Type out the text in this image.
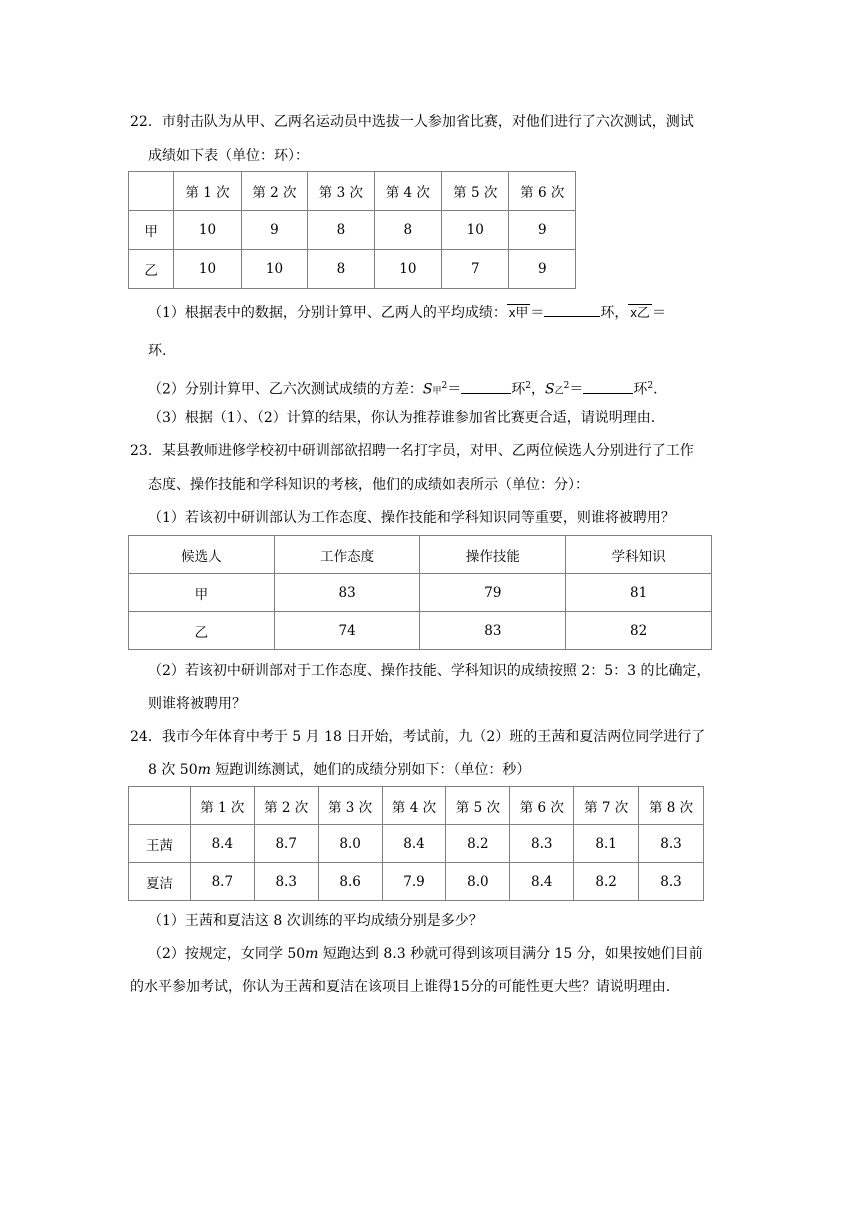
22．市射击队为从甲、乙两名运动员中选拔一人参加省比赛，对他们进行了六次测试，测试
成绩如下表（单位：环）：
	第 1 次	第 2 次	第 3 次	第 4 次	第 5 次	第 6 次
甲	10	9	8	8	10	9
乙	10	10	8	10	7	9
（1）根据表中的数据，分别计算甲、乙两人的平均成绩： x甲 ＝	环， x乙 ＝
环.
（2）分别计算甲、乙六次测试成绩的方差：S甲$^2$＝	环$^2$，S乙$^2$＝	环$^2$.
（3）根据（1）、（2）计算的结果，你认为推荐谁参加省比赛更合适，请说明理由.
23．某县教师进修学校初中研训部欲招聘一名打字员，对甲、乙两位候选人分别进行了工作
态度、操作技能和学科知识的考核，他们的成绩如表所示（单位：分）：
（1）若该初中研训部认为工作态度、操作技能和学科知识同等重要，则谁将被聘用？
候选人	工作态度	操作技能	学科知识
甲	83	79	81
乙	74	83	82
（2）若该初中研训部对于工作态度、操作技能、学科知识的成绩按照 2：5：3 的比确定，
则谁将被聘用？
24．我市今年体育中考于 5 月 18 日开始，考试前，九（2）班的王茜和夏洁两位同学进行了
8 次 50m 短跑训练测试，她们的成绩分别如下：（单位：秒）
	第 1 次	第 2 次	第 3 次	第 4 次	第 5 次	第 6 次	第 7 次	第 8 次
王茜	8.4	8.7	8.0	8.4	8.2	8.3	8.1	8.3
夏洁	8.7	8.3	8.6	7.9	8.0	8.4	8.2	8.3
（1）王茜和夏洁这 8 次训练的平均成绩分别是多少？
（2）按规定，女同学 50m 短跑达到 8.3 秒就可得到该项目满分 15 分，如果按她们目前
的水平参加考试，你认为王茜和夏洁在该项目上谁得15分的可能性更大些？请说明理由.
